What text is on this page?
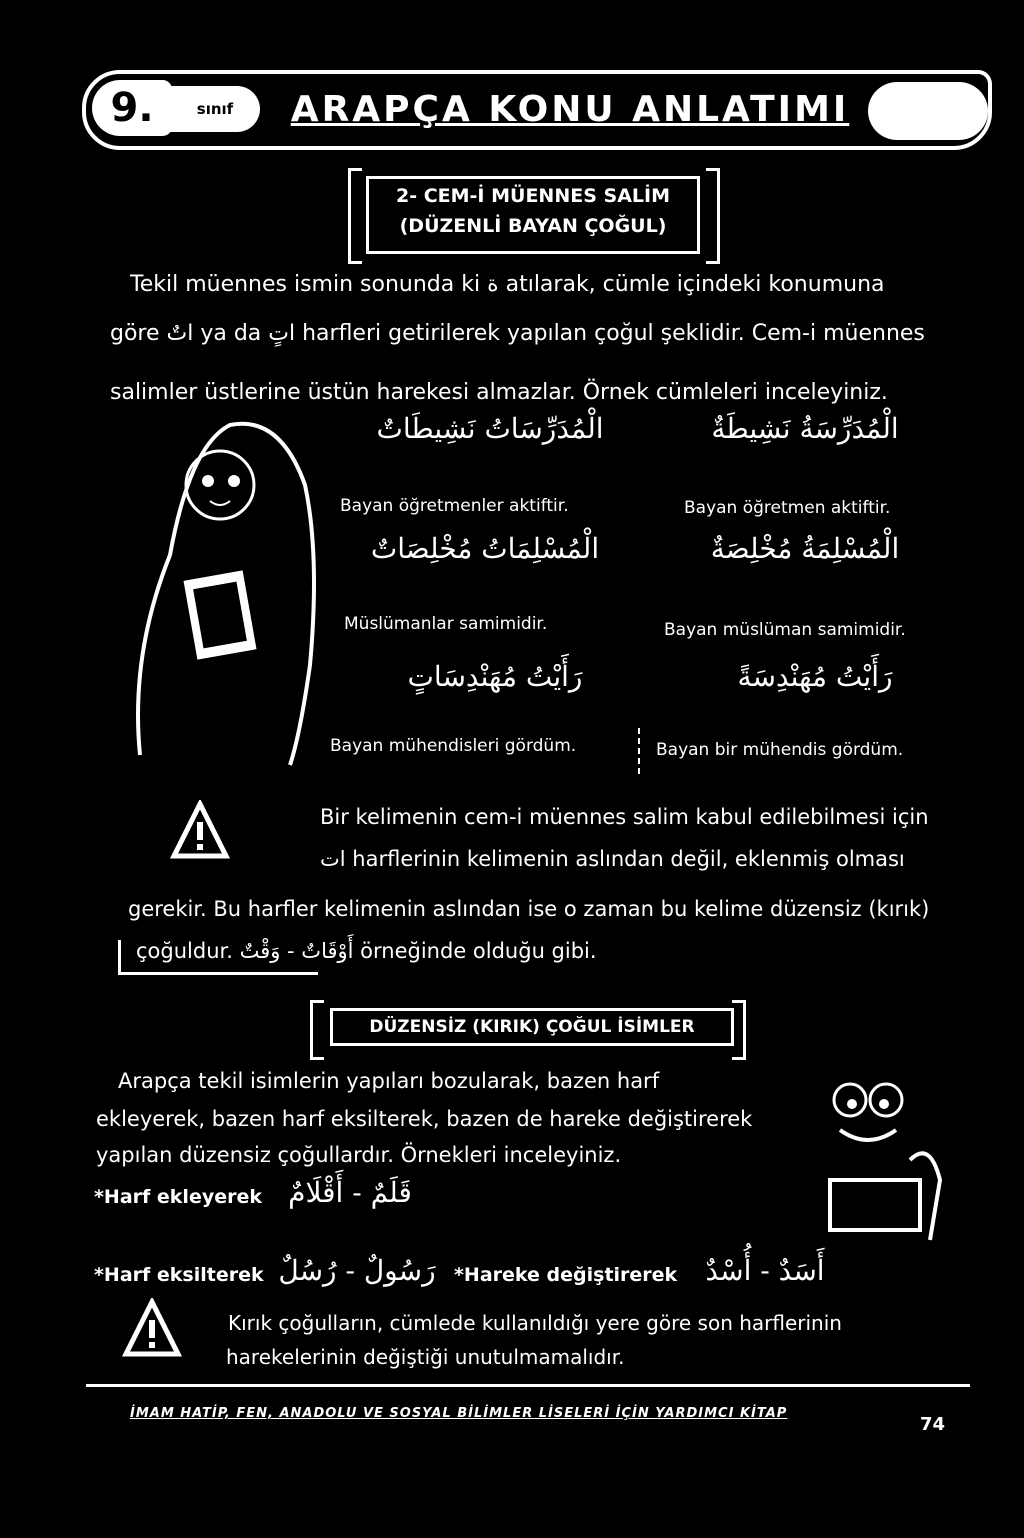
9.	sınıf	ARAPÇA KONU ANLATIMI
2- CEM-İ MÜENNES SALİM
(DÜZENLİ BAYAN ÇOĞUL)

Tekil müennes ismin sonunda ki ة atılarak, cümle içindeki konumuna

göre اتٌ ya da اتٍ harfleri getirilerek yapılan çoğul şeklidir. Cem-i müennes

salimler üstlerine üstün harekesi almazlar. Örnek cümleleri inceleyiniz.

الْمُدَرِّسَاتُ نَشِيطَاتٌ	الْمُدَرِّسَةُ نَشِيطَةٌ
Bayan öğretmenler aktiftir.	Bayan öğretmen aktiftir.
الْمُسْلِمَاتُ مُخْلِصَاتٌ	الْمُسْلِمَةُ مُخْلِصَةٌ
Müslümanlar samimidir.	Bayan müslüman samimidir.
رَأَيْتُ مُهَنْدِسَاتٍ	رَأَيْتُ مُهَنْدِسَةً
Bayan mühendisleri gördüm.	Bayan bir mühendis gördüm.

Bir kelimenin cem-i müennes salim kabul edilebilmesi için

ات harflerinin kelimenin aslından değil, eklenmiş olması

gerekir. Bu harfler kelimenin aslından ise o zaman bu kelime düzensiz (kırık)

çoğuldur. أَوْقَاتٌ - وَقْتٌ örneğinde olduğu gibi.

DÜZENSİZ (KIRIK) ÇOĞUL İSİMLER

Arapça tekil isimlerin yapıları bozularak, bazen harf

ekleyerek, bazen harf eksilterek, bazen de hareke değiştirerek

yapılan düzensiz çoğullardır. Örnekleri inceleyiniz.

*Harf ekleyerek قَلَمٌ - أَقْلَامٌ
*Harf eksilterek رَسُولٌ - رُسُلٌ *Hareke değiştirerek	أَسَدٌ - أُسْدٌ

Kırık çoğulların, cümlede kullanıldığı yere göre son harflerinin

harekelerinin değiştiği unutulmamalıdır.

İMAM HATİP, FEN, ANADOLU VE SOSYAL BİLİMLER LİSELERİ İÇİN YARDIMCI KİTAP
74
